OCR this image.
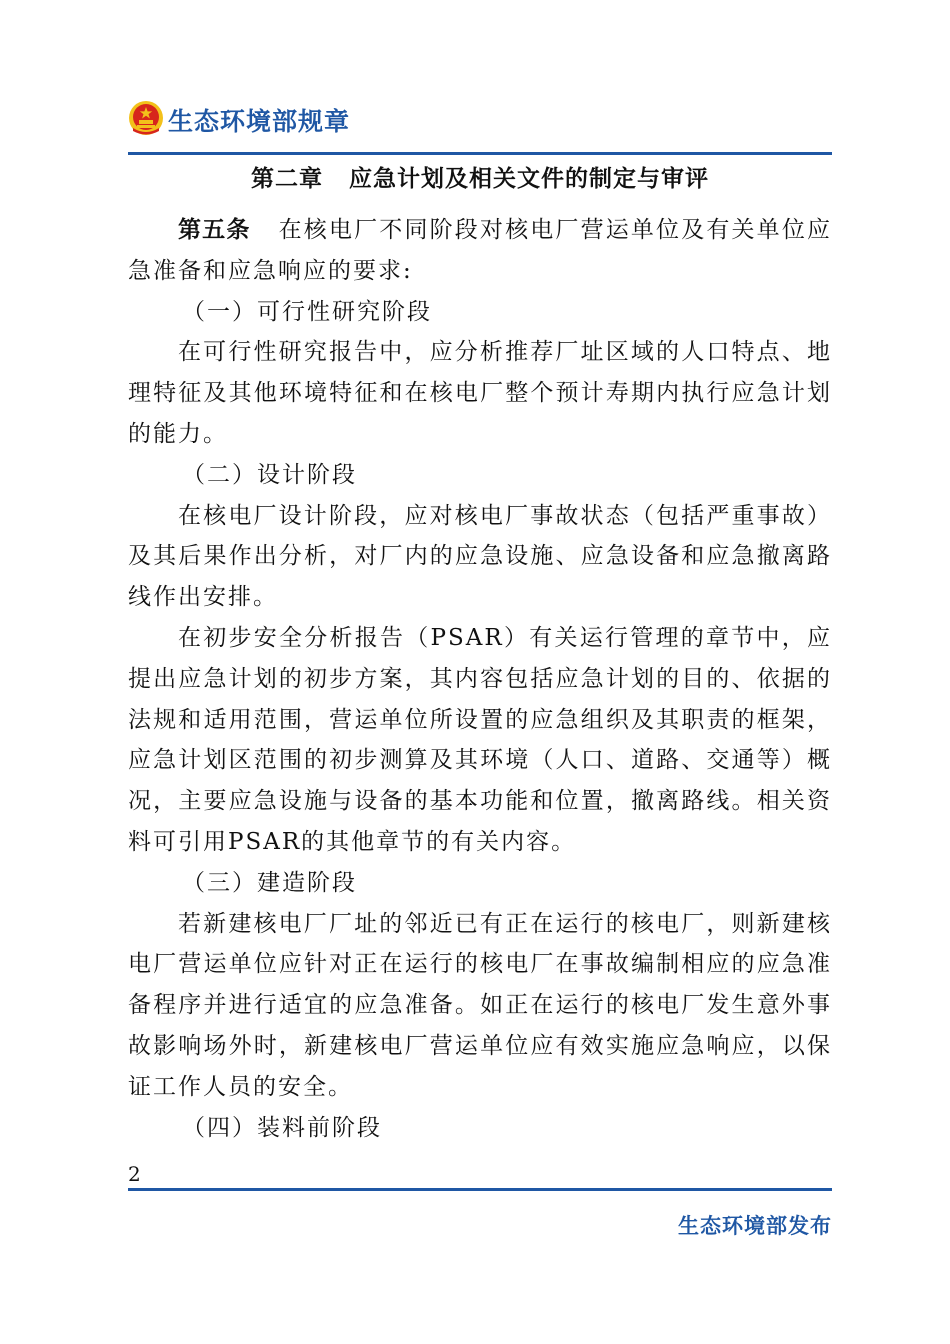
生态环境部规章
第二章 应急计划及相关文件的制定与审评

第五条 在核电厂不同阶段对核电厂营运单位及有关单位应急准备和应急响应的要求:

（一）可行性研究阶段

在可行性研究报告中，应分析推荐厂址区域的人口特点、地理特征及其他环境特征和在核电厂整个预计寿期内执行应急计划的能力。

（二）设计阶段

在核电厂设计阶段，应对核电厂事故状态（包括严重事故）及其后果作出分析，对厂内的应急设施、应急设备和应急撤离路线作出安排。

在初步安全分析报告（PSAR）有关运行管理的章节中，应提出应急计划的初步方案，其内容包括应急计划的目的、依据的法规和适用范围，营运单位所设置的应急组织及其职责的框架，应急计划区范围的初步测算及其环境（人口、道路、交通等）概况，主要应急设施与设备的基本功能和位置，撤离路线。相关资料可引用PSAR的其他章节的有关内容。

（三）建造阶段

若新建核电厂厂址的邻近已有正在运行的核电厂，则新建核电厂营运单位应针对正在运行的核电厂在事故编制相应的应急准备程序并进行适宜的应急准备。如正在运行的核电厂发生意外事故影响场外时，新建核电厂营运单位应有效实施应急响应，以保证工作人员的安全。

（四）装料前阶段

2
生态环境部发布
